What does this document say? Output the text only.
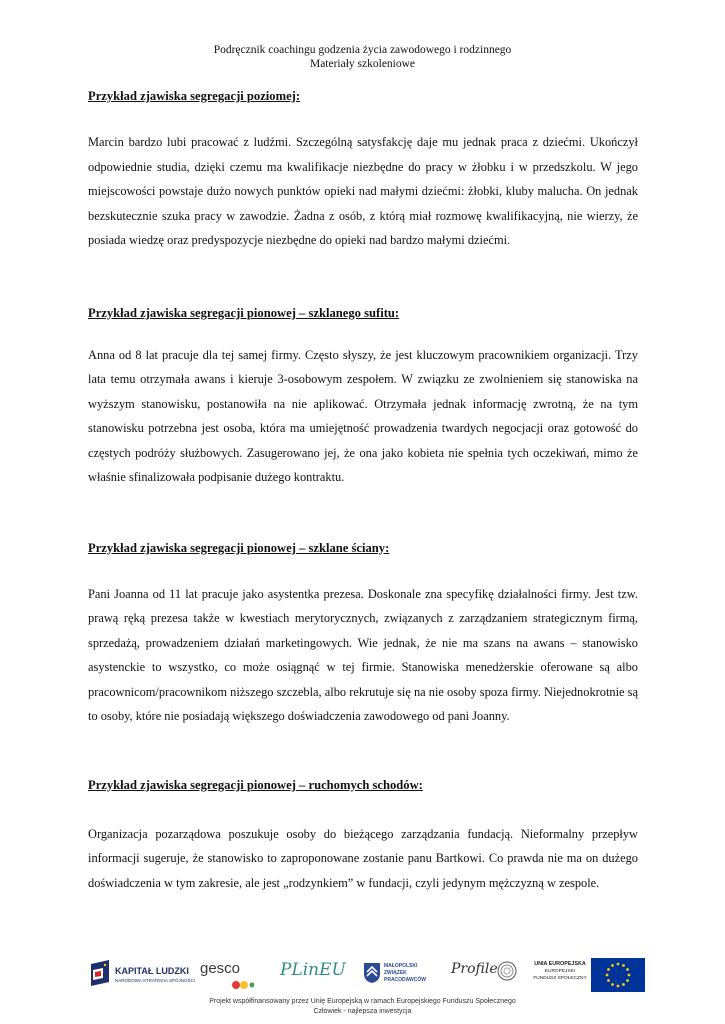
Podręcznik coachingu godzenia życia zawodowego i rodzinnego
Materiały szkoleniowe

Przykład zjawiska segregacji poziomej:

Marcin bardzo lubi pracować z ludźmi. Szczególną satysfakcję daje mu jednak praca z dziećmi. Ukończył odpowiednie studia, dzięki czemu ma kwalifikacje niezbędne do pracy w żłobku i w przedszkolu. W jego miejscowości powstaje dużo nowych punktów opieki nad małymi dziećmi: żłobki, kluby malucha. On jednak bezskutecznie szuka pracy w zawodzie. Żadna z osób, z którą miał rozmowę kwalifikacyjną, nie wierzy, że posiada wiedzę oraz predyspozycje niezbędne do opieki nad bardzo małymi dziećmi.

Przykład zjawiska segregacji pionowej – szklanego sufitu:

Anna od 8 lat pracuje dla tej samej firmy. Często słyszy, że jest kluczowym pracownikiem organizacji. Trzy lata temu otrzymała awans i kieruje 3-osobowym zespołem. W związku ze zwolnieniem się stanowiska na wyższym stanowisku, postanowiła na nie aplikować. Otrzymała jednak informację zwrotną, że na tym stanowisku potrzebna jest osoba, która ma umiejętność prowadzenia twardych negocjacji oraz gotowość do częstych podróży służbowych. Zasugerowano jej, że ona jako kobieta nie spełnia tych oczekiwań, mimo że właśnie sfinalizowała podpisanie dużego kontraktu.

Przykład zjawiska segregacji pionowej – szklane ściany:

Pani Joanna od 11 lat pracuje jako asystentka prezesa. Doskonale zna specyfikę działalności firmy. Jest tzw. prawą ręką prezesa także w kwestiach merytorycznych, związanych z zarządzaniem strategicznym firmą, sprzedażą, prowadzeniem działań marketingowych. Wie jednak, że nie ma szans na awans – stanowisko asystenckie to wszystko, co może osiągnąć w tej firmie. Stanowiska menedżerskie oferowane są albo pracownicom/pracownikom niższego szczebla, albo rekrutuje się na nie osoby spoza firmy. Niejednokrotnie są to osoby, które nie posiadają większego doświadczenia zawodowego od pani Joanny.

Przykład zjawiska segregacji pionowej – ruchomych schodów:

Organizacja pozarządowa poszukuje osoby do bieżącego zarządzania fundacją. Nieformalny przepływ informacji sugeruje, że stanowisko to zaproponowane zostanie panu Bartkowi. Co prawda nie ma on dużego doświadczenia w tym zakresie, ale jest „rodzynkiem” w fundacji, czyli jedynym mężczyzną w zespole.

KAPITAŁ LUDZKI
NARODOWA STRATEGIA SPÓJNOŚCI
gesco PLinEU	MAŁOPOLSKI
ZWIĄZEK
PRACODAWCÓW
Profile	UNIA EUROPEJSKA
EUROPEJSKI
FUNDUSZ SPOŁECZNY
Projekt współfinansowany przez Unię Europejską w ramach Europejskiego Funduszu Społecznego
Człowiek - najlepsza inwestycja
